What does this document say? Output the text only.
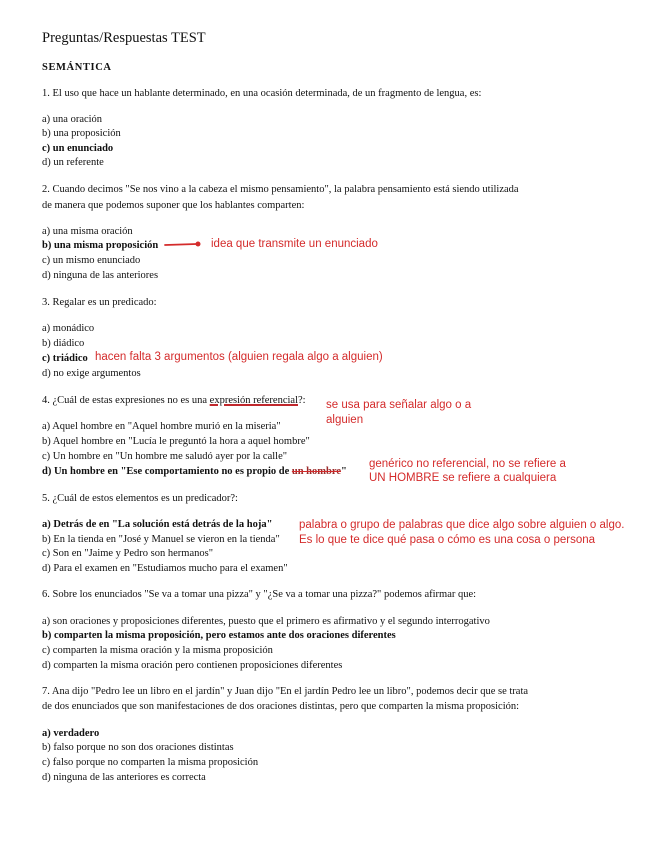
Preguntas/Respuestas TEST
SEMÁNTICA
1. El uso que hace un hablante determinado, en una ocasión determinada, de un fragmento de lengua, es:
a) una oración
b) una proposición
c) un enunciado
d) un referente
2. Cuando decimos "Se nos vino a la cabeza el mismo pensamiento", la palabra pensamiento está siendo utilizada
de manera que podemos suponer que los hablantes comparten:
a) una misma oración
b) una misma proposición	idea que transmite un enunciado
c) un mismo enunciado
d) ninguna de las anteriores
3. Regalar es un predicado:
a) monádico
b) diádico
c) triádico hacen falta 3 argumentos (alguien regala algo a alguien)
d) no exige argumentos
4. ¿Cuál de estas expresiones no es una expresión referencial?: se usa para señalar algo o a
alguien
a) Aquel hombre en "Aquel hombre murió en la miseria"
b) Aquel hombre en "Lucía le preguntó la hora a aquel hombre"
c) Un hombre en "Un hombre me saludó ayer por la calle"
d) Un hombre en "Ese comportamiento no es propio de un hombre"
genérico no referencial, no se refiere a
UN HOMBRE se refiere a cualquiera
5. ¿Cuál de estos elementos es un predicador?:
a) Detrás de en "La solución está detrás de la hoja" palabra o grupo de palabras que dice algo sobre alguien o algo.
Es lo que te dice qué pasa o cómo es una cosa o persona
b) En la tienda en "José y Manuel se vieron en la tienda"
c) Son en "Jaime y Pedro son hermanos"
d) Para el examen en "Estudiamos mucho para el examen"
6. Sobre los enunciados "Se va a tomar una pizza" y "¿Se va a tomar una pizza?" podemos afirmar que:
a) son oraciones y proposiciones diferentes, puesto que el primero es afirmativo y el segundo interrogativo
b) comparten la misma proposición, pero estamos ante dos oraciones diferentes
c) comparten la misma oración y la misma proposición
d) comparten la misma oración pero contienen proposiciones diferentes
7. Ana dijo "Pedro lee un libro en el jardín" y Juan dijo "En el jardín Pedro lee un libro", podemos decir que se trata
de dos enunciados que son manifestaciones de dos oraciones distintas, pero que comparten la misma proposición:
a) verdadero
b) falso porque no son dos oraciones distintas
c) falso porque no comparten la misma proposición
d) ninguna de las anteriores es correcta
